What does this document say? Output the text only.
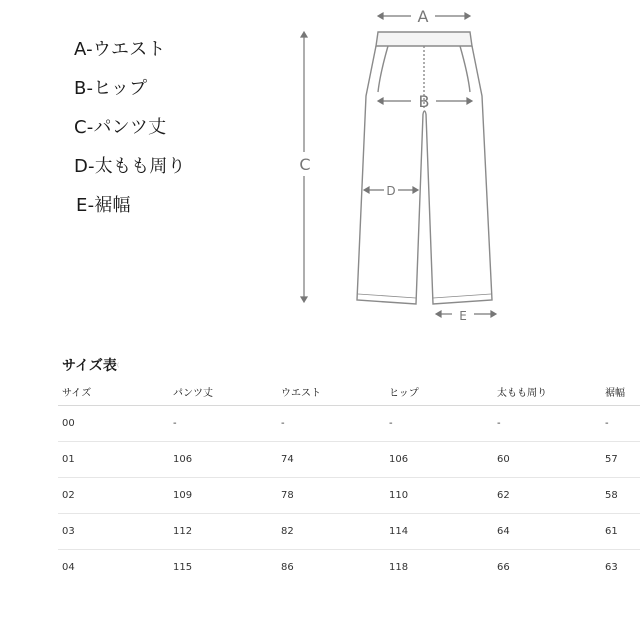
A-ウエスト
B-ヒップ
C-パンツ丈
D-太もも周り
E-裾幅
A
B
C
D
E
サイズ表⁽
サイズ	パンツ丈	ウエスト	ヒップ	太もも周り	裾幅
00	-	-	-	-	-
01	106	74	106	60	57
02	109	78	110	62	58
03	112	82	114	64	61
04	115	86	118	66	63
